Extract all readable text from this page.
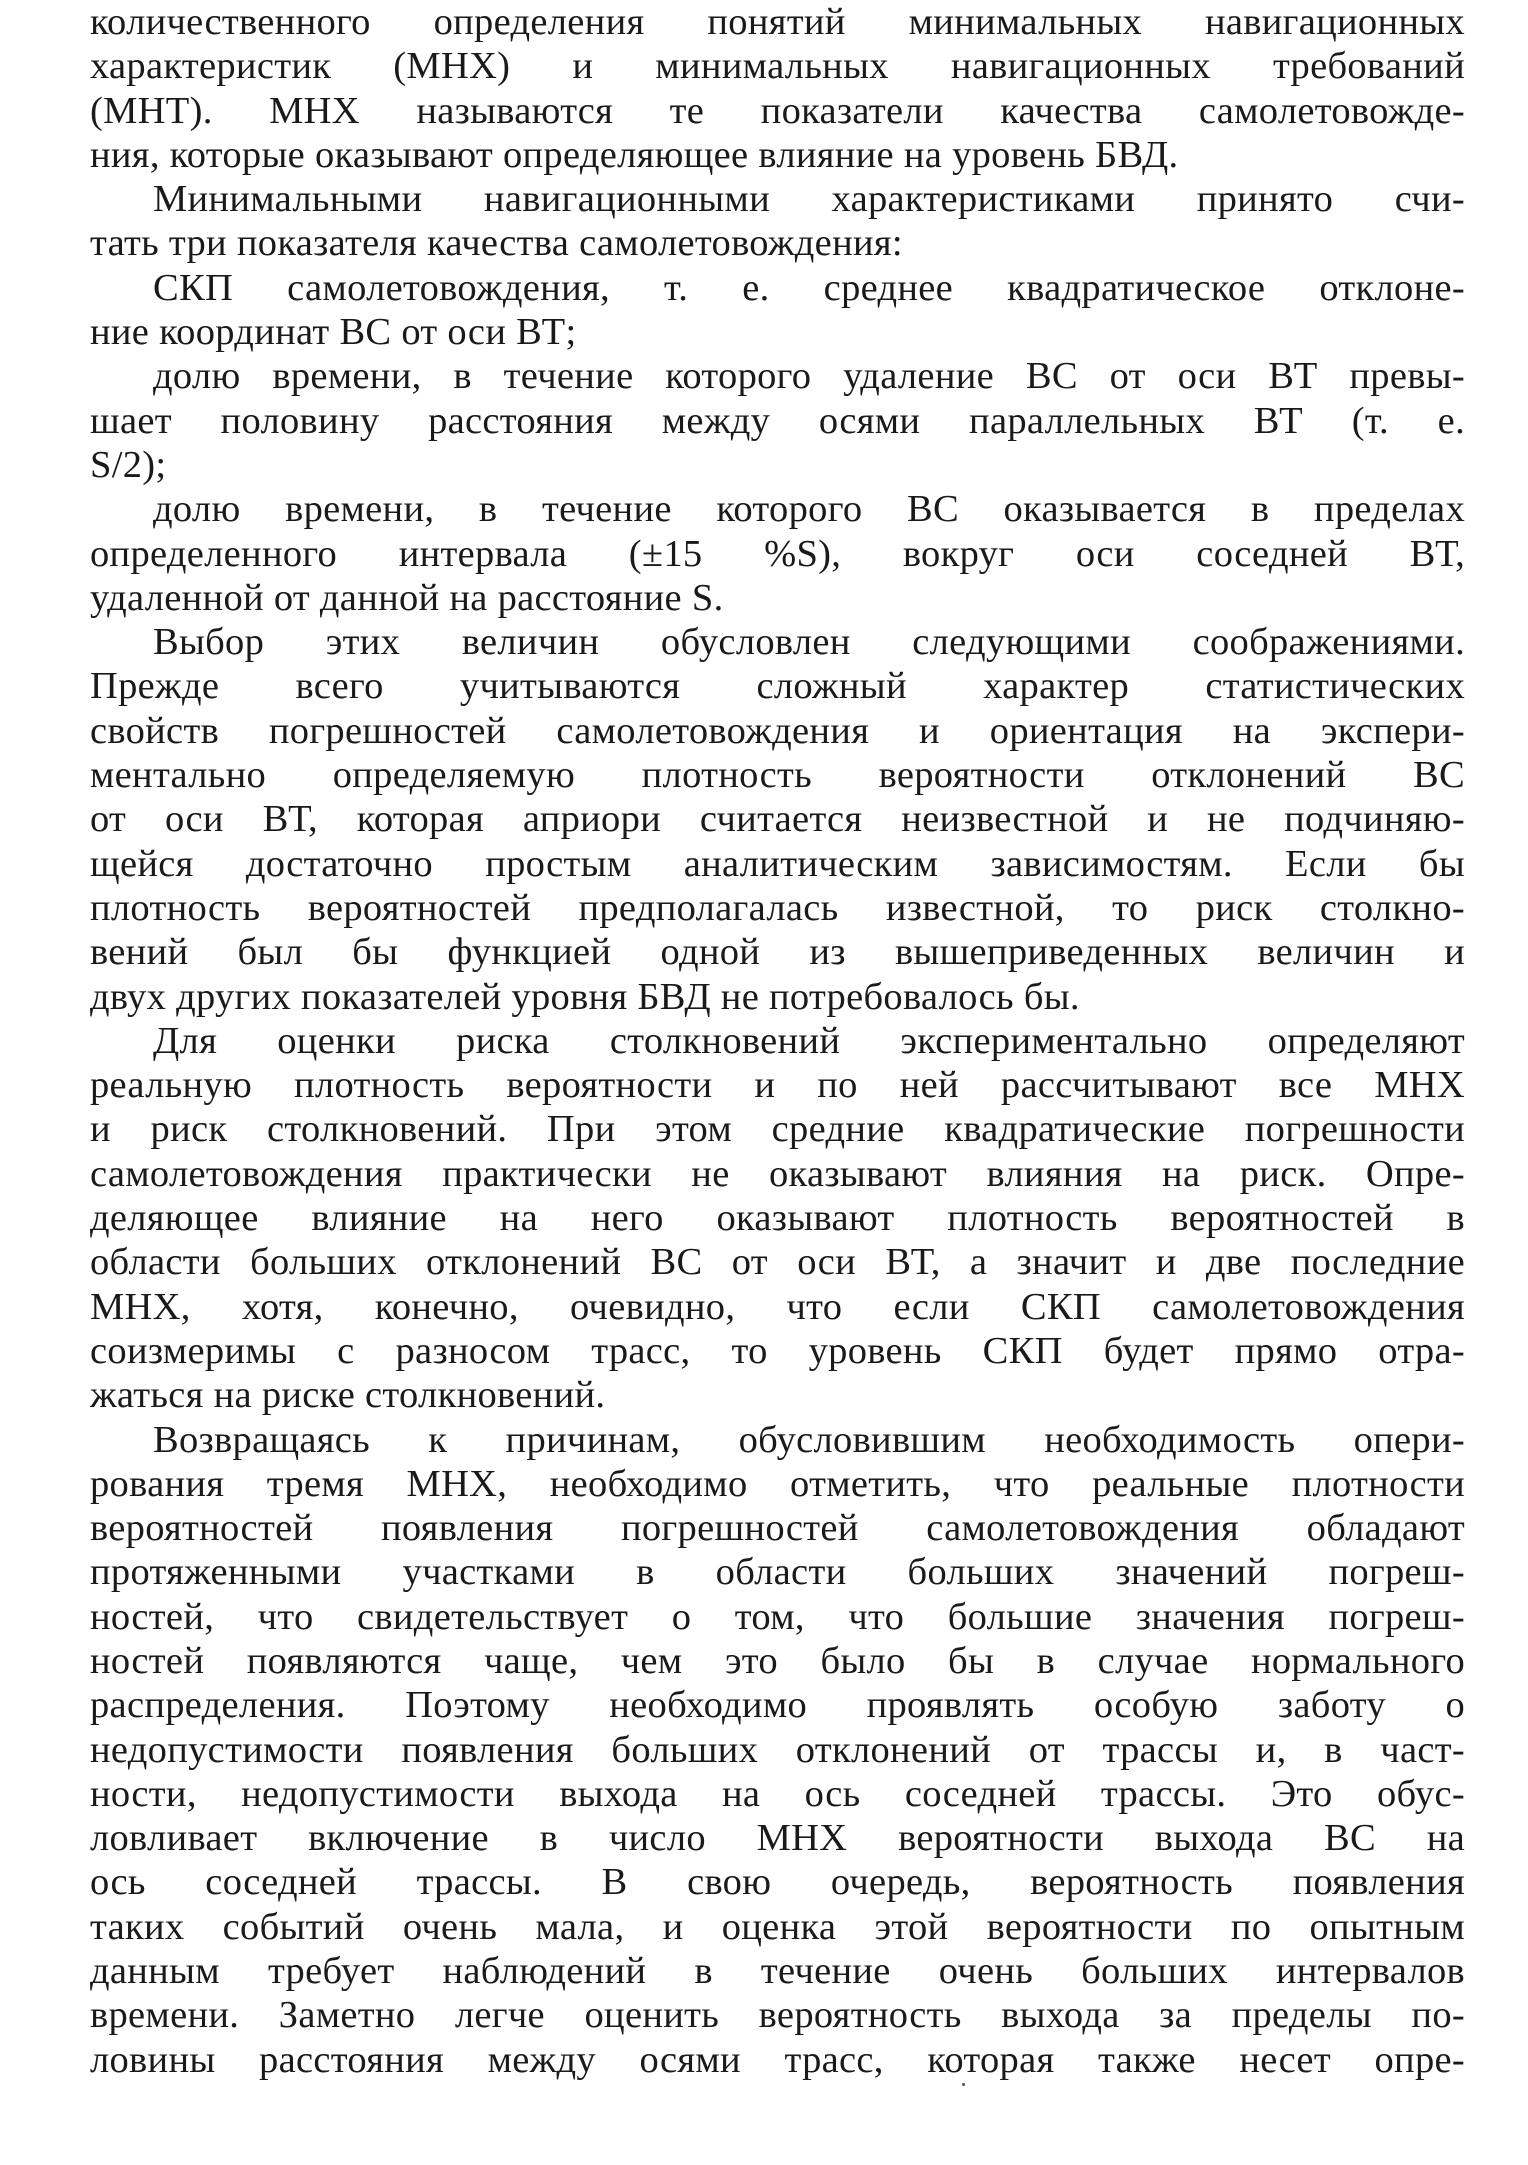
количественного определения понятий минимальных навигационных
характеристик (МНХ) и минимальных навигационных требований
(МНТ). МНХ называются те показатели качества самолетовожде-
ния, которые оказывают определяющее влияние на уровень БВД.
Минимальными навигационными характеристиками принято счи-
тать три показателя качества самолетовождения:
СКП самолетовождения, т. е. среднее квадратическое отклоне-
ние координат ВС от оси ВТ;
долю времени, в течение которого удаление ВС от оси ВТ превы-
шает половину расстояния между осями параллельных ВТ (т. е.
S/2);
долю времени, в течение которого ВС оказывается в пределах
определенного интервала (±15 %S), вокруг оси соседней ВТ,
удаленной от данной на расстояние S.
Выбор этих величин обусловлен следующими соображениями.
Прежде всего учитываются сложный характер статистических
свойств погрешностей самолетовождения и ориентация на экспери-
ментально определяемую плотность вероятности отклонений ВС
от оси ВТ, которая априори считается неизвестной и не подчиняю-
щейся достаточно простым аналитическим зависимостям. Если бы
плотность вероятностей предполагалась известной, то риск столкно-
вений был бы функцией одной из вышеприведенных величин и
двух других показателей уровня БВД не потребовалось бы.
Для оценки риска столкновений экспериментально определяют
реальную плотность вероятности и по ней рассчитывают все МНХ
и риск столкновений. При этом средние квадратические погрешности
самолетовождения практически не оказывают влияния на риск. Опре-
деляющее влияние на него оказывают плотность вероятностей в
области больших отклонений ВС от оси ВТ, а значит и две последние
МНХ, хотя, конечно, очевидно, что если СКП самолетовождения
соизмеримы с разносом трасс, то уровень СКП будет прямо отра-
жаться на риске столкновений.
Возвращаясь к причинам, обусловившим необходимость опери-
рования тремя МНХ, необходимо отметить, что реальные плотности
вероятностей появления погрешностей самолетовождения обладают
протяженными участками в области больших значений погреш-
ностей, что свидетельствует о том, что большие значения погреш-
ностей появляются чаще, чем это было бы в случае нормального
распределения. Поэтому необходимо проявлять особую заботу о
недопустимости появления больших отклонений от трассы и, в част-
ности, недопустимости выхода на ось соседней трассы. Это обус-
ловливает включение в число МНХ вероятности выхода ВС на
ось соседней трассы. В свою очередь, вероятность появления
таких событий очень мала, и оценка этой вероятности по опытным
данным требует наблюдений в течение очень больших интервалов
времени. Заметно легче оценить вероятность выхода за пределы по-
ловины расстояния между осями трасс, которая также несет опре-
